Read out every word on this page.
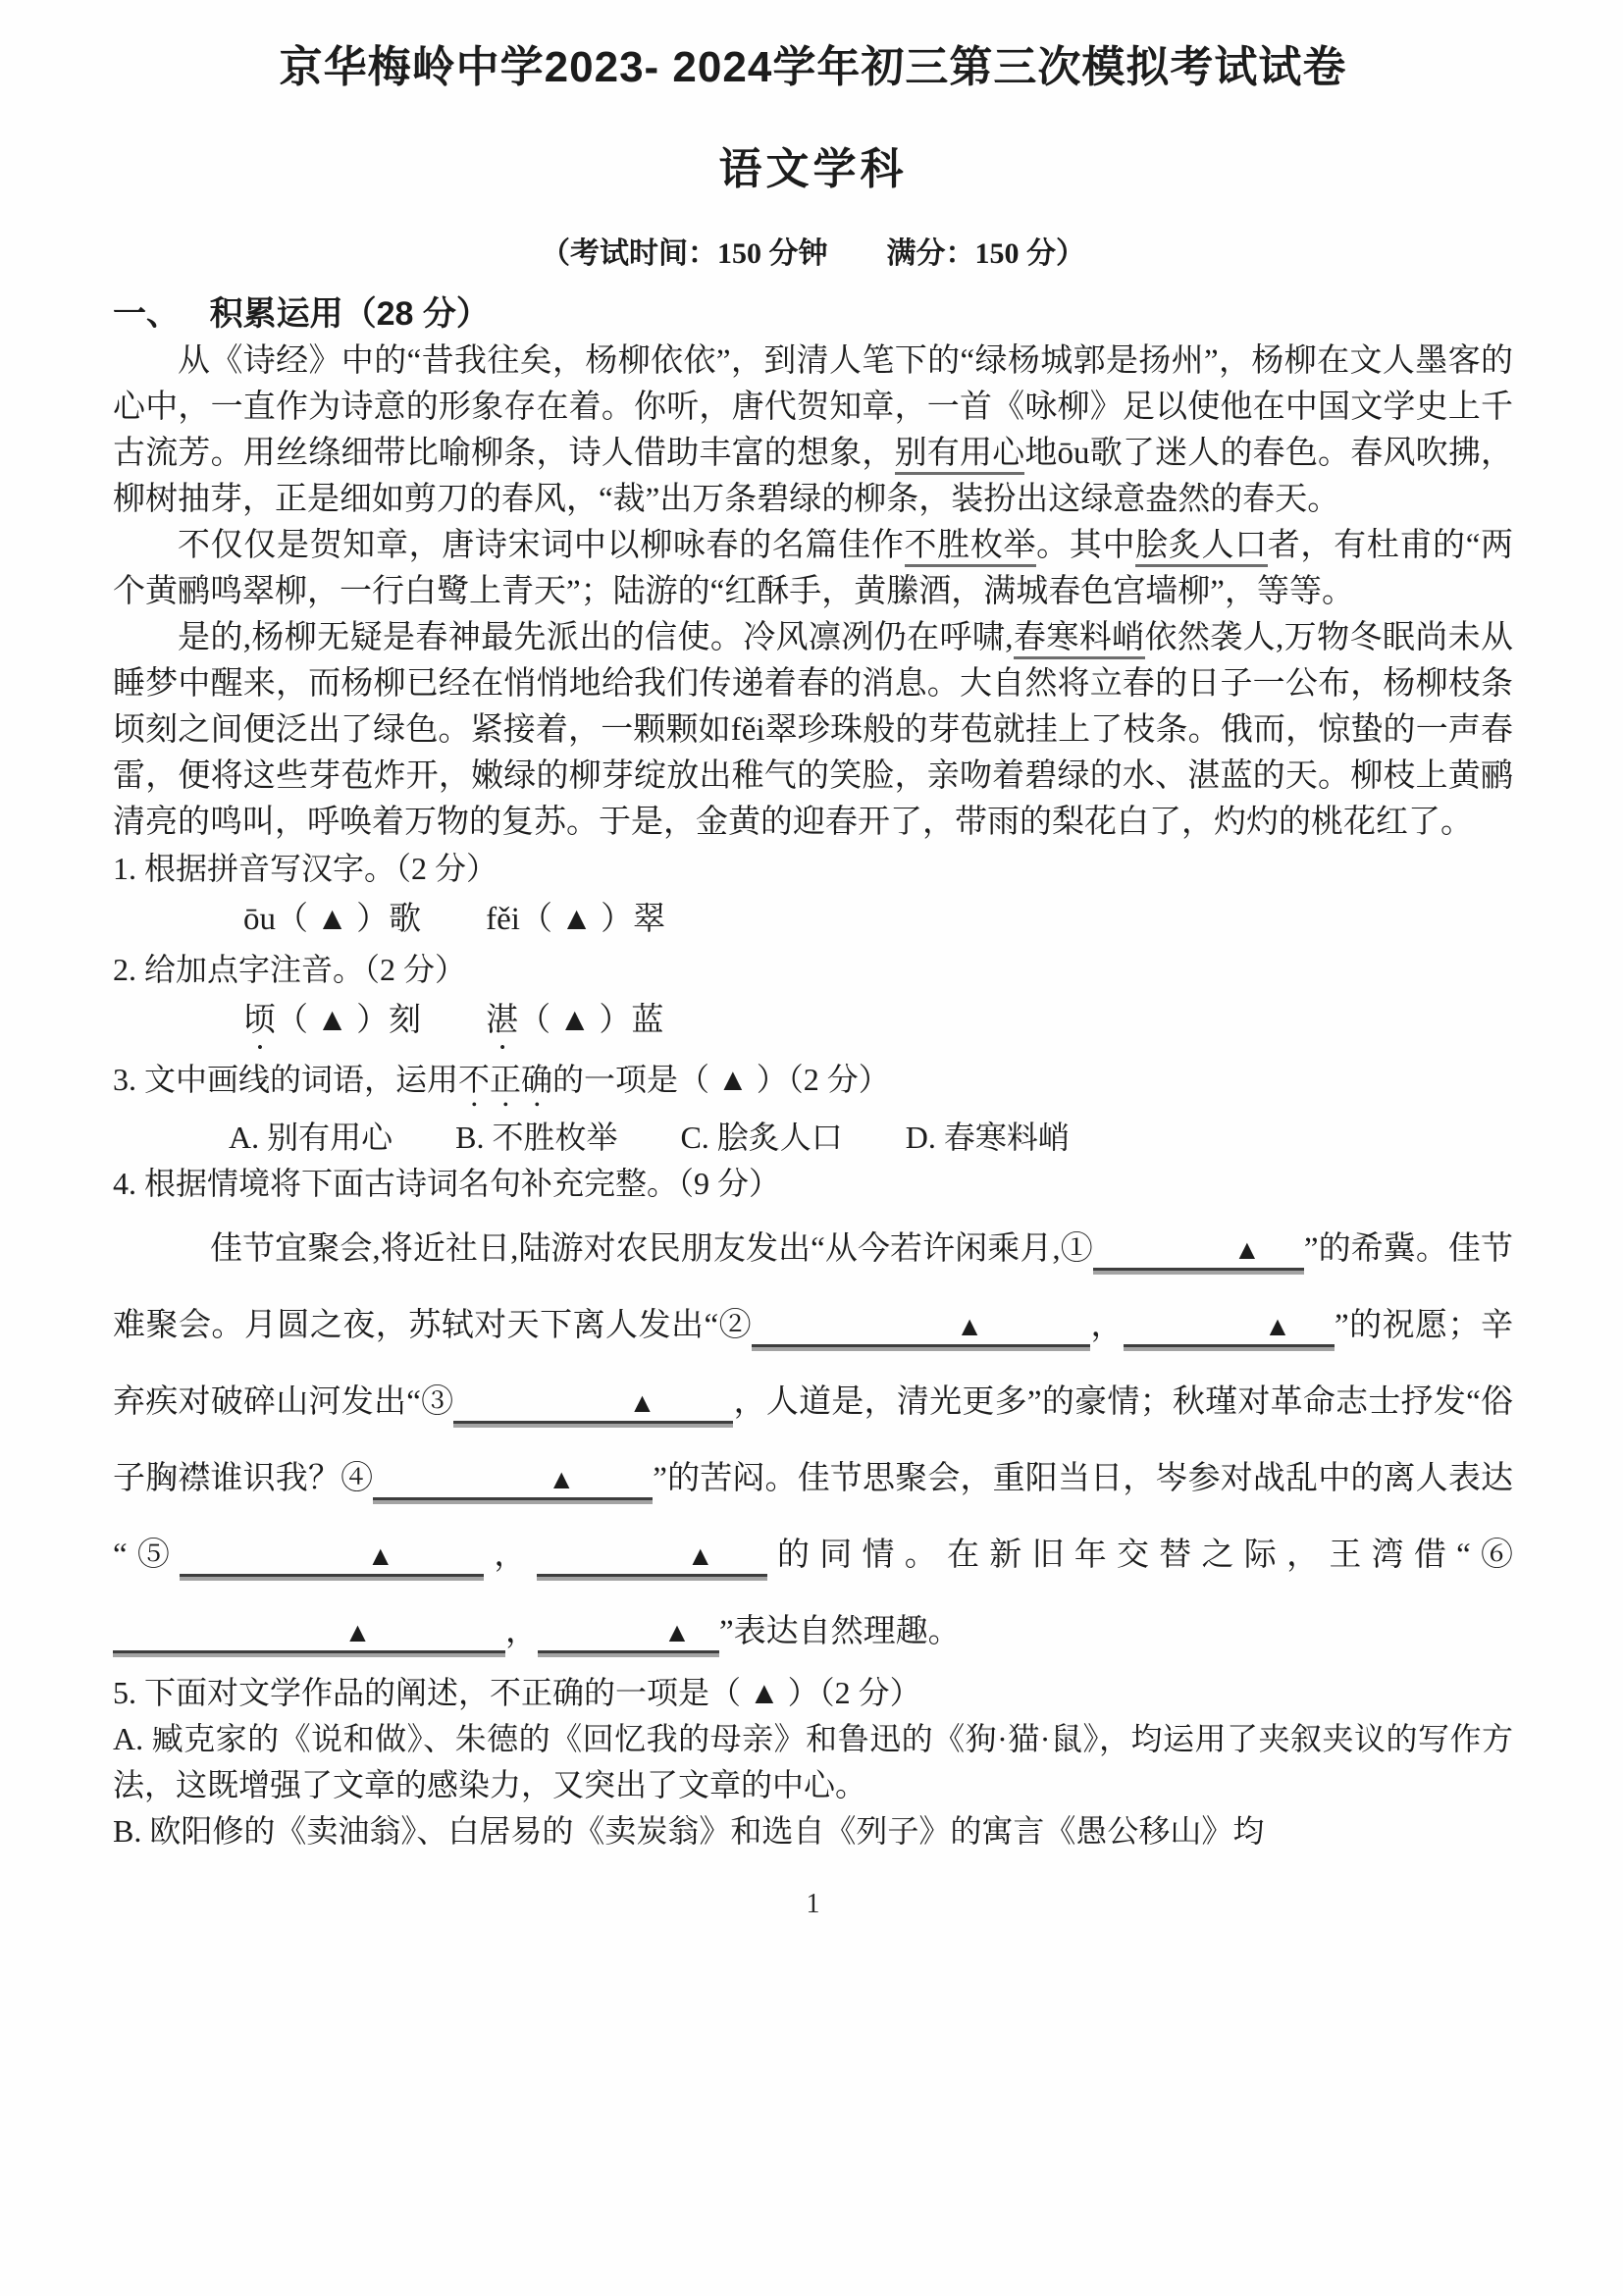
京华梅岭中学2023- 2024学年初三第三次模拟考试试卷
语文学科
（考试时间：150 分钟　　满分：150 分）
一、 积累运用（28 分）

从《诗经》中的“昔我往矣，杨柳依依”，到清人笔下的“绿杨城郭是扬州”，杨柳在文人墨客的心中，一直作为诗意的形象存在着。你听，唐代贺知章，一首《咏柳》足以使他在中国文学史上千古流芳。用丝绦细带比喻柳条，诗人借助丰富的想象，别有用心地ōu歌了迷人的春色。春风吹拂，柳树抽芽，正是细如剪刀的春风，“裁”出万条碧绿的柳条，装扮出这绿意盎然的春天。

不仅仅是贺知章，唐诗宋词中以柳咏春的名篇佳作不胜枚举。其中脍炙人口者，有杜甫的“两个黄鹂鸣翠柳，一行白鹭上青天”；陆游的“红酥手，黄縢酒，满城春色宫墙柳”，等等。

是的,杨柳无疑是春神最先派出的信使。冷风凛冽仍在呼啸,春寒料峭依然袭人,万物冬眠尚未从睡梦中醒来，而杨柳已经在悄悄地给我们传递着春的消息。大自然将立春的日子一公布，杨柳枝条顷刻之间便泛出了绿色。紧接着，一颗颗如fěi翠珍珠般的芽苞就挂上了枝条。俄而，惊蛰的一声春雷，便将这些芽苞炸开，嫩绿的柳芽绽放出稚气的笑脸，亲吻着碧绿的水、湛蓝的天。柳枝上黄鹂清亮的鸣叫，呼唤着万物的复苏。于是，金黄的迎春开了，带雨的梨花白了，灼灼的桃花红了。

1. 根据拼音写汉字。（2 分）

ōu（ ▲ ）歌　　fěi（ ▲ ）翠

2. 给加点字注音。（2 分）

顷（ ▲ ）刻　　湛（ ▲ ）蓝

3. 文中画线的词语，运用不正确的一项是（ ▲ ）（2 分）

A. 别有用心　　B. 不胜枚举　　C. 脍炙人口　　D. 春寒料峭

4. 根据情境将下面古诗词名句补充完整。（9 分）

佳节宜聚会,将近社日,陆游对农民朋友发出“从今若许闲乘月,①	▲ ”的希冀。佳节难聚会。月圆之夜，苏轼对天下离人发出“②	▲	，	▲ ”的祝愿；辛弃疾对破碎山河发出“③	▲ ，人道是，清光更多”的豪情；秋瑾对革命志士抒发“俗子胸襟谁识我？④	▲ ”的苦闷。佳节思聚会，重阳当日，岑参对战乱中的离人表达“⑤	▲	，	▲ 的同情。在新旧年交替之际，王湾借“⑥▲	，	▲ ”表达自然理趣。

5. 下面对文学作品的阐述，不正确的一项是（ ▲ ）（2 分）

A. 臧克家的《说和做》、朱德的《回忆我的母亲》和鲁迅的《狗·猫·鼠》，均运用了夹叙夹议的写作方法，这既增强了文章的感染力，又突出了文章的中心。

B. 欧阳修的《卖油翁》、白居易的《卖炭翁》和选自《列子》的寓言《愚公移山》均

1
